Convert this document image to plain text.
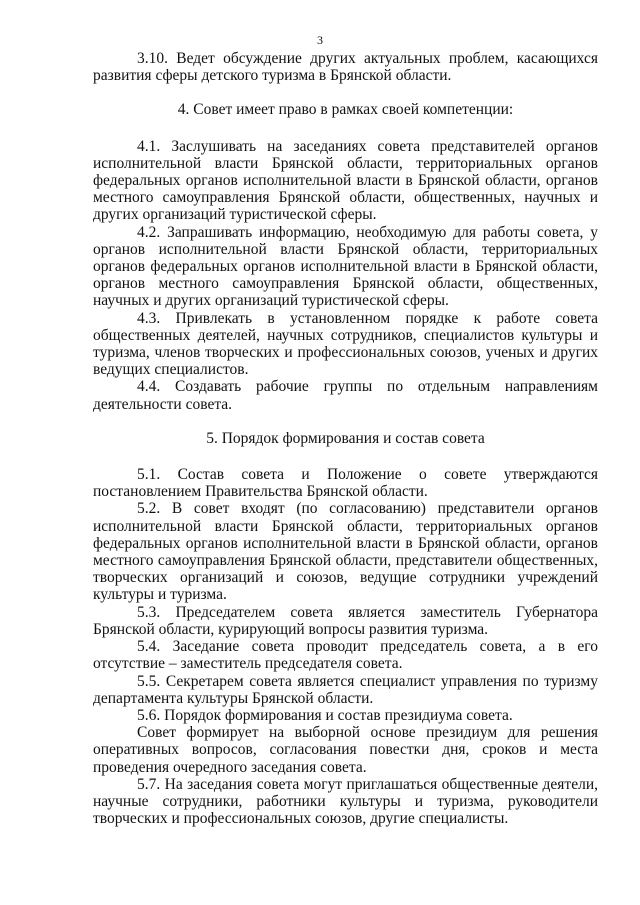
3

3.10. Ведет обсуждение других актуальных проблем, касающихся развития сферы детского туризма в Брянской области.

4. Совет имеет право в рамках своей компетенции:

4.1. Заслушивать на заседаниях совета представителей органов исполнительной власти Брянской области, территориальных органов федеральных органов исполнительной власти в Брянской области, органов местного самоуправления Брянской области, общественных, научных и других организаций туристической сферы.

4.2. Запрашивать информацию, необходимую для работы совета, у органов исполнительной власти Брянской области, территориальных органов федеральных органов исполнительной власти в Брянской области, органов местного самоуправления Брянской области, общественных, научных и других организаций туристической сферы.

4.3. Привлекать в установленном порядке к работе совета общественных деятелей, научных сотрудников, специалистов культуры и туризма, членов творческих и профессиональных союзов, ученых и других ведущих специалистов.

4.4. Создавать рабочие группы по отдельным направлениям деятельности совета.

5. Порядок формирования и состав совета

5.1. Состав совета и Положение о совете утверждаются постановлением Правительства Брянской области.

5.2. В совет входят (по согласованию) представители органов исполнительной власти Брянской области, территориальных органов федеральных органов исполнительной власти в Брянской области, органов местного самоуправления Брянской области, представители общественных, творческих организаций и союзов, ведущие сотрудники учреждений культуры и туризма.

5.3. Председателем совета является заместитель Губернатора Брянской области, курирующий вопросы развития туризма.

5.4. Заседание совета проводит председатель совета, а в его отсутствие – заместитель председателя совета.

5.5. Секретарем совета является специалист управления по туризму департамента культуры Брянской области.

5.6. Порядок формирования и состав президиума совета.

Совет формирует на выборной основе президиум для решения оперативных вопросов, согласования повестки дня, сроков и места проведения очередного заседания совета.

5.7. На заседания совета могут приглашаться общественные деятели, научные сотрудники, работники культуры и туризма, руководители творческих и профессиональных союзов, другие специалисты.
